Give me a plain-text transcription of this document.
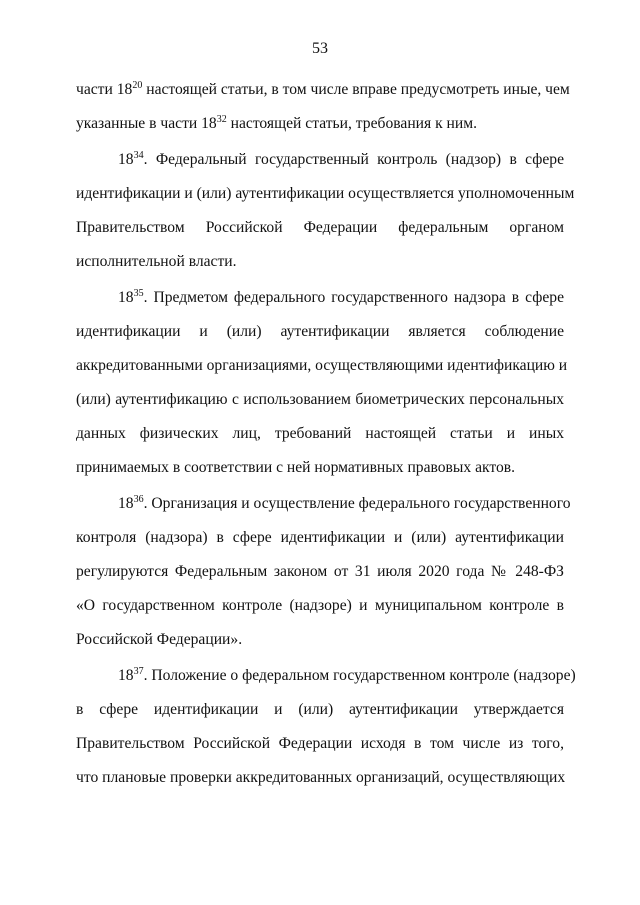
53
части $18^{20}$ настоящей статьи, в том числе вправе предусмотреть иные, чем
указанные в части $18^{32}$ настоящей статьи, требования к ним.
$18^{34}$. Федеральный государственный контроль (надзор) в сфере
идентификации и (или) аутентификации осуществляется уполномоченным
Правительством Российской Федерации федеральным органом
исполнительной власти.
$18^{35}$. Предметом федерального государственного надзора в сфере
идентификации и (или) аутентификации является соблюдение
аккредитованными организациями, осуществляющими идентификацию и
(или) аутентификацию с использованием биометрических персональных
данных физических лиц, требований настоящей статьи и иных
принимаемых в соответствии с ней нормативных правовых актов.
$18^{36}$. Организация и осуществление федерального государственного
контроля (надзора) в сфере идентификации и (или) аутентификации
регулируются Федеральным законом от 31 июля 2020 года № 248-ФЗ
«О государственном контроле (надзоре) и муниципальном контроле в
Российской Федерации».
$18^{37}$. Положение о федеральном государственном контроле (надзоре)
в сфере идентификации и (или) аутентификации утверждается
Правительством Российской Федерации исходя в том числе из того,
что плановые проверки аккредитованных организаций, осуществляющих
